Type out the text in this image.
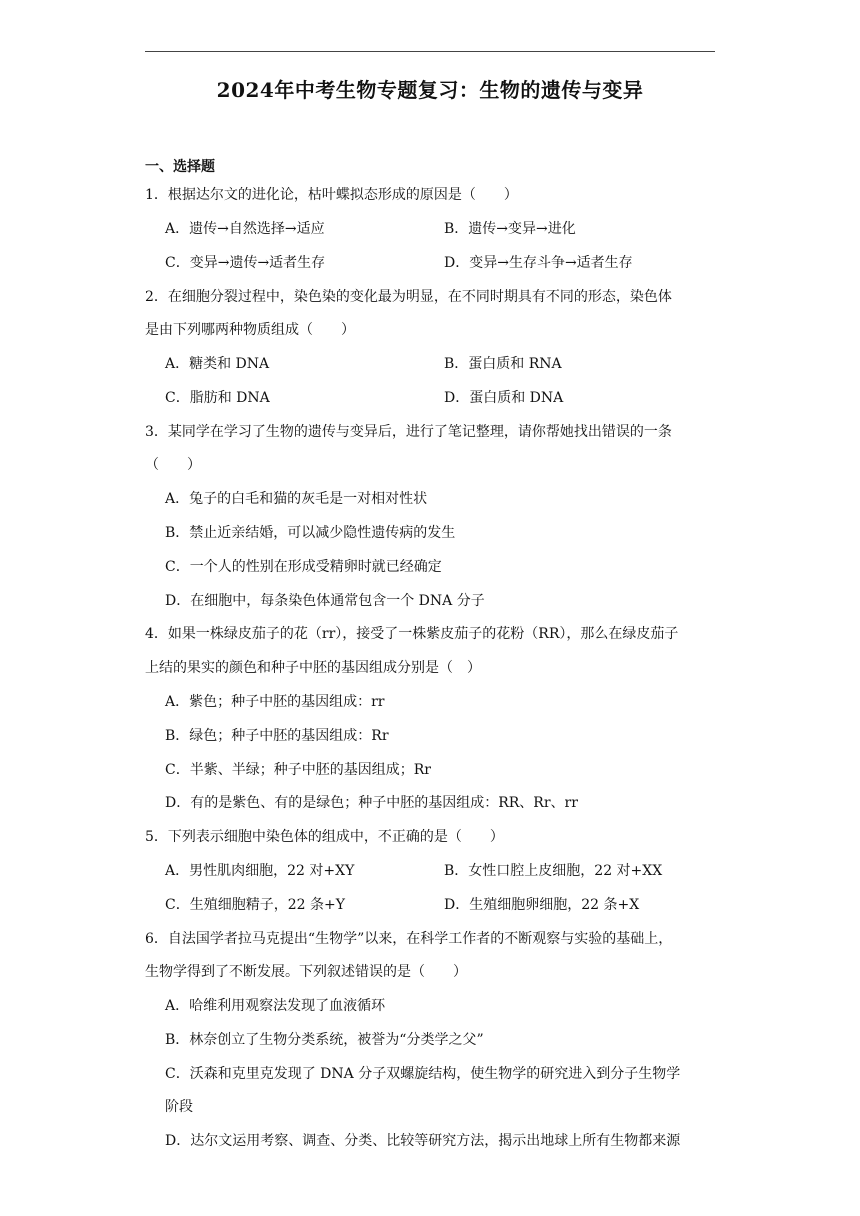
2024年中考生物专题复习：生物的遗传与变异
一、选择题
1．根据达尔文的进化论，枯叶蝶拟态形成的原因是（　　）
A．遗传→自然选择→适应	B．遗传→变异→进化
C．变异→遗传→适者生存	D．变异→生存斗争→适者生存
2．在细胞分裂过程中，染色染的变化最为明显，在不同时期具有不同的形态，染色体
是由下列哪两种物质组成（　　）
A．糖类和 DNA	B．蛋白质和 RNA
C．脂肪和 DNA	D．蛋白质和 DNA
3．某同学在学习了生物的遗传与变异后，进行了笔记整理，请你帮她找出错误的一条
（　　）
A．兔子的白毛和猫的灰毛是一对相对性状
B．禁止近亲结婚，可以减少隐性遗传病的发生
C．一个人的性别在形成受精卵时就已经确定
D．在细胞中，每条染色体通常包含一个 DNA 分子
4．如果一株绿皮茄子的花（rr），接受了一株紫皮茄子的花粉（RR），那么在绿皮茄子
上结的果实的颜色和种子中胚的基因组成分别是（　）
A．紫色；种子中胚的基因组成：rr
B．绿色；种子中胚的基因组成：Rr
C．半紫、半绿；种子中胚的基因组成；Rr
D．有的是紫色、有的是绿色；种子中胚的基因组成：RR、Rr、rr
5．下列表示细胞中染色体的组成中，不正确的是（　　）
A．男性肌肉细胞，22 对+XY	B．女性口腔上皮细胞，22 对+XX
C．生殖细胞精子，22 条+Y	D．生殖细胞卵细胞，22 条+X
6．自法国学者拉马克提出“生物学”以来，在科学工作者的不断观察与实验的基础上，
生物学得到了不断发展。下列叙述错误的是（　　）
A．哈维利用观察法发现了血液循环
B．林奈创立了生物分类系统，被誉为“分类学之父”
C．沃森和克里克发现了 DNA 分子双螺旋结构，使生物学的研究进入到分子生物学
阶段
D．达尔文运用考察、调查、分类、比较等研究方法，揭示出地球上所有生物都来源
